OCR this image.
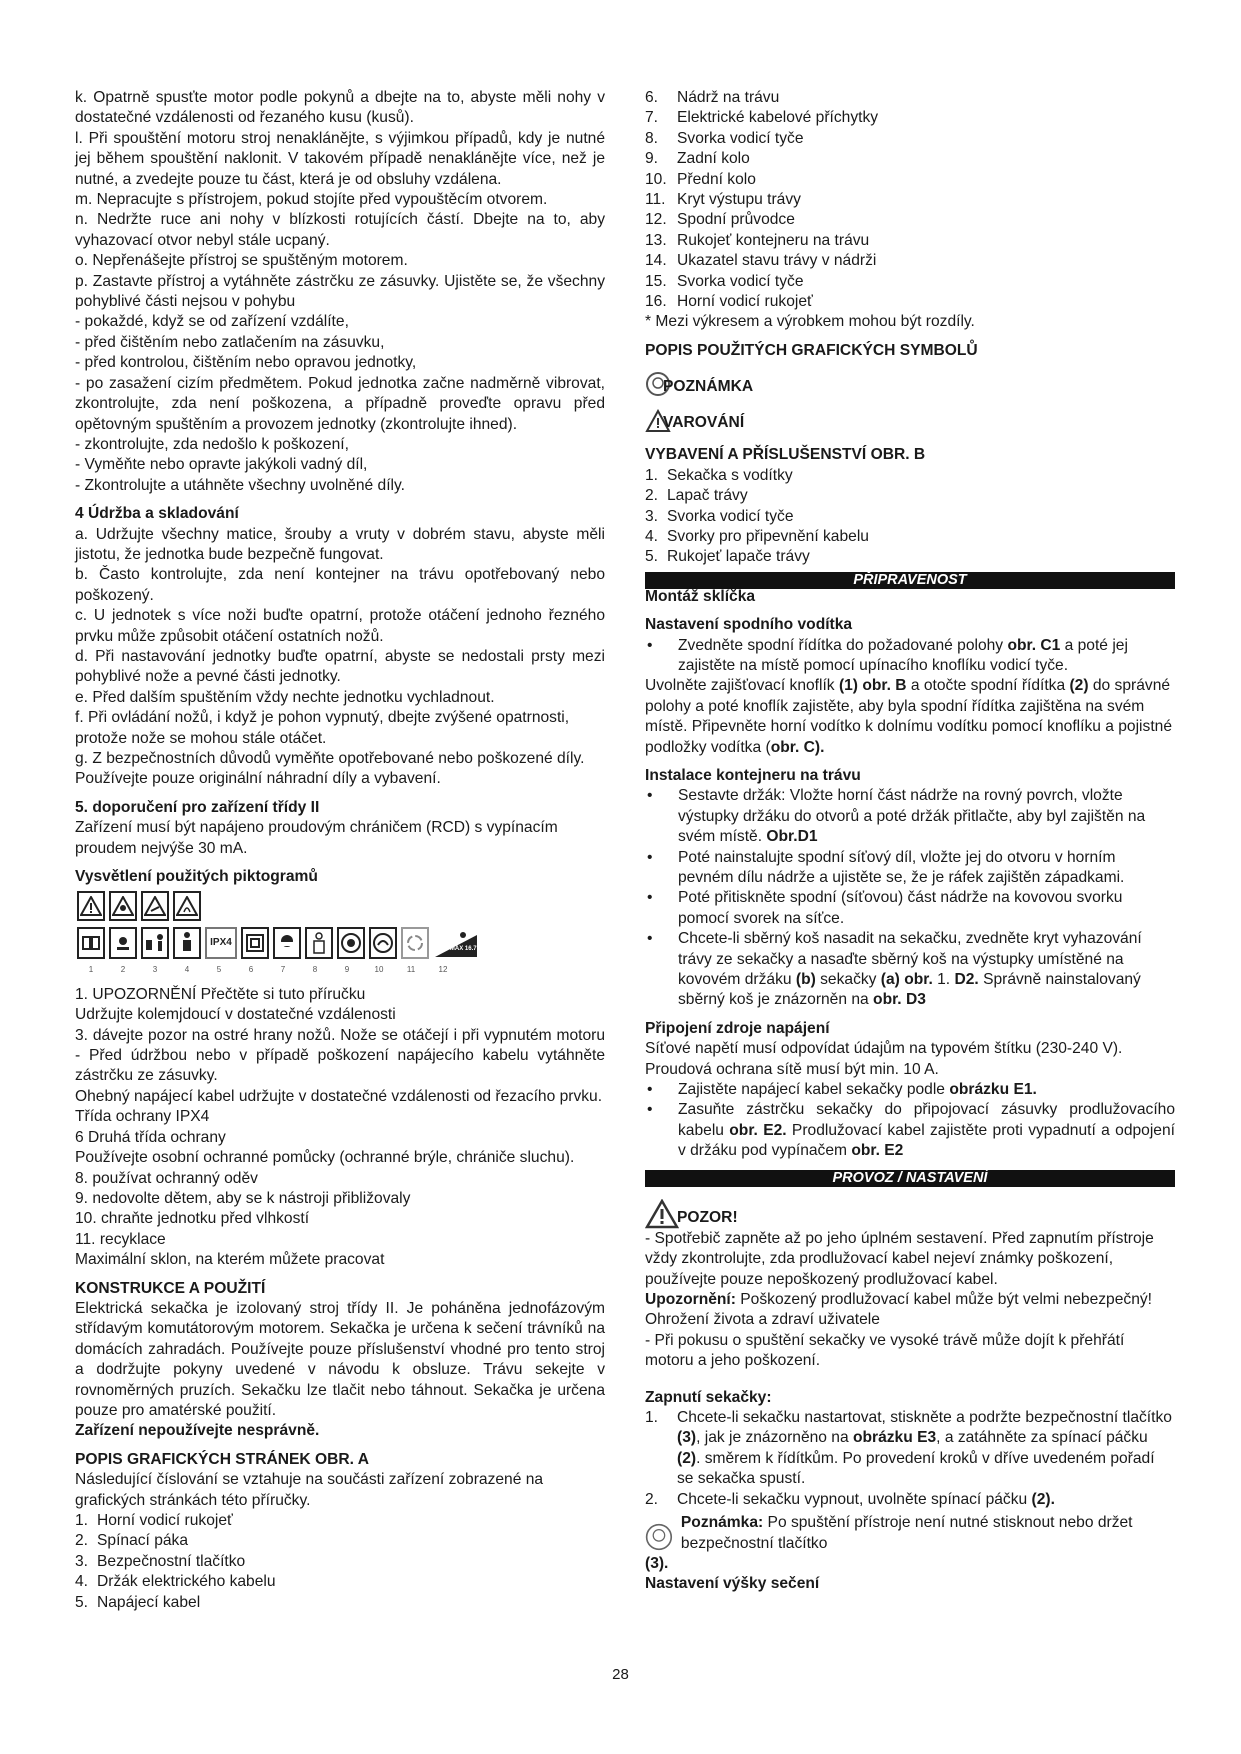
k. Opatrně spusťte motor podle pokynů a dbejte na to, abyste měli nohy v dostatečné vzdálenosti od řezaného kusu (kusů).

l. Při spouštění motoru stroj nenaklánějte, s výjimkou případů, kdy je nutné jej během spouštění naklonit. V takovém případě nenaklánějte více, než je nutné, a zvedejte pouze tu část, která je od obsluhy vzdálena.

m. Nepracujte s přístrojem, pokud stojíte před vypouštěcím otvorem.

n. Nedržte ruce ani nohy v blízkosti rotujících částí. Dbejte na to, aby vyhazovací otvor nebyl stále ucpaný.

o. Nepřenášejte přístroj se spuštěným motorem.

p. Zastavte přístroj a vytáhněte zástrčku ze zásuvky. Ujistěte se, že všechny pohyblivé části nejsou v pohybu

- pokaždé, když se od zařízení vzdálíte,

- před čištěním nebo zatlačením na zásuvku,

- před kontrolou, čištěním nebo opravou jednotky,

- po zasažení cizím předmětem. Pokud jednotka začne nadměrně vibrovat, zkontrolujte, zda není poškozena, a případně proveďte opravu před opětovným spuštěním a provozem jednotky (zkontrolujte ihned).

- zkontrolujte, zda nedošlo k poškození,

- Vyměňte nebo opravte jakýkoli vadný díl,

- Zkontrolujte a utáhněte všechny uvolněné díly.

4 Údržba a skladování

a. Udržujte všechny matice, šrouby a vruty v dobrém stavu, abyste měli jistotu, že jednotka bude bezpečně fungovat.

b. Často kontrolujte, zda není kontejner na trávu opotřebovaný nebo poškozený.

c. U jednotek s více noži buďte opatrní, protože otáčení jednoho řezného prvku může způsobit otáčení ostatních nožů.

d. Při nastavování jednotky buďte opatrní, abyste se nedostali prsty mezi pohyblivé nože a pevné části jednotky.

e. Před dalším spuštěním vždy nechte jednotku vychladnout.

f. Při ovládání nožů, i když je pohon vypnutý, dbejte zvýšené opatrnosti, protože nože se mohou stále otáčet.

g. Z bezpečnostních důvodů vyměňte opotřebované nebo poškozené díly. Používejte pouze originální náhradní díly a vybavení.

5. doporučení pro zařízení třídy II

Zařízení musí být napájeno proudovým chráničem (RCD) s vypínacím proudem nejvýše 30 mA.

Vysvětlení použitých piktogramů

IPX4
MAX 16.7°
1	2	3	4	5	6	7	8	9	10	11	12

1. UPOZORNĚNÍ Přečtěte si tuto příručku

Udržujte kolemjdoucí v dostatečné vzdálenosti

3. dávejte pozor na ostré hrany nožů. Nože se otáčejí i při vypnutém motoru - Před údržbou nebo v případě poškození napájecího kabelu vytáhněte zástrčku ze zásuvky.

Ohebný napájecí kabel udržujte v dostatečné vzdálenosti od řezacího prvku.

Třída ochrany IPX4

6 Druhá třída ochrany

Používejte osobní ochranné pomůcky (ochranné brýle, chrániče sluchu).

8. používat ochranný oděv

9. nedovolte dětem, aby se k nástroji přibližovaly

10. chraňte jednotku před vlhkostí

11. recyklace

Maximální sklon, na kterém můžete pracovat

KONSTRUKCE A POUŽITÍ

Elektrická sekačka je izolovaný stroj třídy II. Je poháněna jednofázovým střídavým komutátorovým motorem. Sekačka je určena k sečení trávníků na domácích zahradách. Používejte pouze příslušenství vhodné pro tento stroj a dodržujte pokyny uvedené v návodu k obsluze. Trávu sekejte v rovnoměrných pruzích. Sekačku lze tlačit nebo táhnout. Sekačka je určena pouze pro amatérské použití.

Zařízení nepoužívejte nesprávně.

POPIS GRAFICKÝCH STRÁNEK OBR. A

Následující číslování se vztahuje na součásti zařízení zobrazené na grafických stránkách této příručky.

1. Horní vodicí rukojeť
2. Spínací páka
3. Bezpečnostní tlačítko
4. Držák elektrického kabelu
5. Napájecí kabel
6.	Nádrž na trávu
7.	Elektrické kabelové příchytky
8.	Svorka vodicí tyče
9.	Zadní kolo
10. Přední kolo
11. Kryt výstupu trávy
12. Spodní průvodce
13. Rukojeť kontejneru na trávu
14. Ukazatel stavu trávy v nádrži
15. Svorka vodicí tyče
16. Horní vodicí rukojeť

* Mezi výkresem a výrobkem mohou být rozdíly.

POPIS POUŽITÝCH GRAFICKÝCH SYMBOLŮ

POZNÁMKA
VAROVÁNÍ

VYBAVENÍ A PŘÍSLUŠENSTVÍ OBR. B

1. Sekačka s vodítky
2. Lapač trávy
3. Svorka vodicí tyče
4. Svorky pro připevnění kabelu
5. Rukojeť lapače trávy
PŘIPRAVENOST

Montáž sklíčka

Nastavení spodního vodítka

• Zvedněte spodní řídítka do požadované polohy obr. C1 a poté jej zajistěte na místě pomocí upínacího knoflíku vodicí tyče.

Uvolněte zajišťovací knoflík (1) obr. B a otočte spodní řídítka (2) do správné polohy a poté knoflík zajistěte, aby byla spodní řídítka zajištěna na svém místě. Připevněte horní vodítko k dolnímu vodítku pomocí knoflíku a pojistné podložky vodítka (obr. C).

Instalace kontejneru na trávu

• Sestavte držák: Vložte horní část nádrže na rovný povrch, vložte výstupky držáku do otvorů a poté držák přitlačte, aby byl zajištěn na svém místě. Obr.D1
• Poté nainstalujte spodní síťový díl, vložte jej do otvoru v horním pevném dílu nádrže a ujistěte se, že je ráfek zajištěn západkami.
• Poté přitiskněte spodní (síťovou) část nádrže na kovovou svorku pomocí svorek na síťce.
• Chcete-li sběrný koš nasadit na sekačku, zvedněte kryt vyhazování trávy ze sekačky a nasaďte sběrný koš na výstupky umístěné na kovovém držáku (b) sekačky (a) obr. 1. D2. Správně nainstalovaný sběrný koš je znázorněn na obr. D3

Připojení zdroje napájení

Síťové napětí musí odpovídat údajům na typovém štítku (230-240 V).

Proudová ochrana sítě musí být min. 10 A.

• Zajistěte napájecí kabel sekačky podle obrázku E1.
• Zasuňte zástrčku sekačky do připojovací zásuvky prodlužovacího kabelu obr. E2. Prodlužovací kabel zajistěte proti vypadnutí a odpojení v držáku pod vypínačem obr. E2
PROVOZ / NASTAVENÍ
POZOR!

- Spotřebič zapněte až po jeho úplném sestavení. Před zapnutím přístroje vždy zkontrolujte, zda prodlužovací kabel nejeví známky poškození, používejte pouze nepoškozený prodlužovací kabel.

Upozornění: Poškozený prodlužovací kabel může být velmi nebezpečný! Ohrožení života a zdraví uživatele

- Při pokusu o spuštění sekačky ve vysoké trávě může dojít k přehřátí motoru a jeho poškození.

Zapnutí sekačky:

1.	Chcete-li sekačku nastartovat, stiskněte a podržte bezpečnostní tlačítko (3), jak je znázorněno na obrázku E3, a zatáhněte za spínací páčku (2). směrem k řídítkům. Po provedení kroků v dříve uvedeném pořadí se sekačka spustí.
2.	Chcete-li sekačku vypnout, uvolněte spínací páčku (2).
Poznámka: Po spuštění přístroje není nutné stisknout nebo držet bezpečnostní tlačítko

(3).

Nastavení výšky sečení

28
